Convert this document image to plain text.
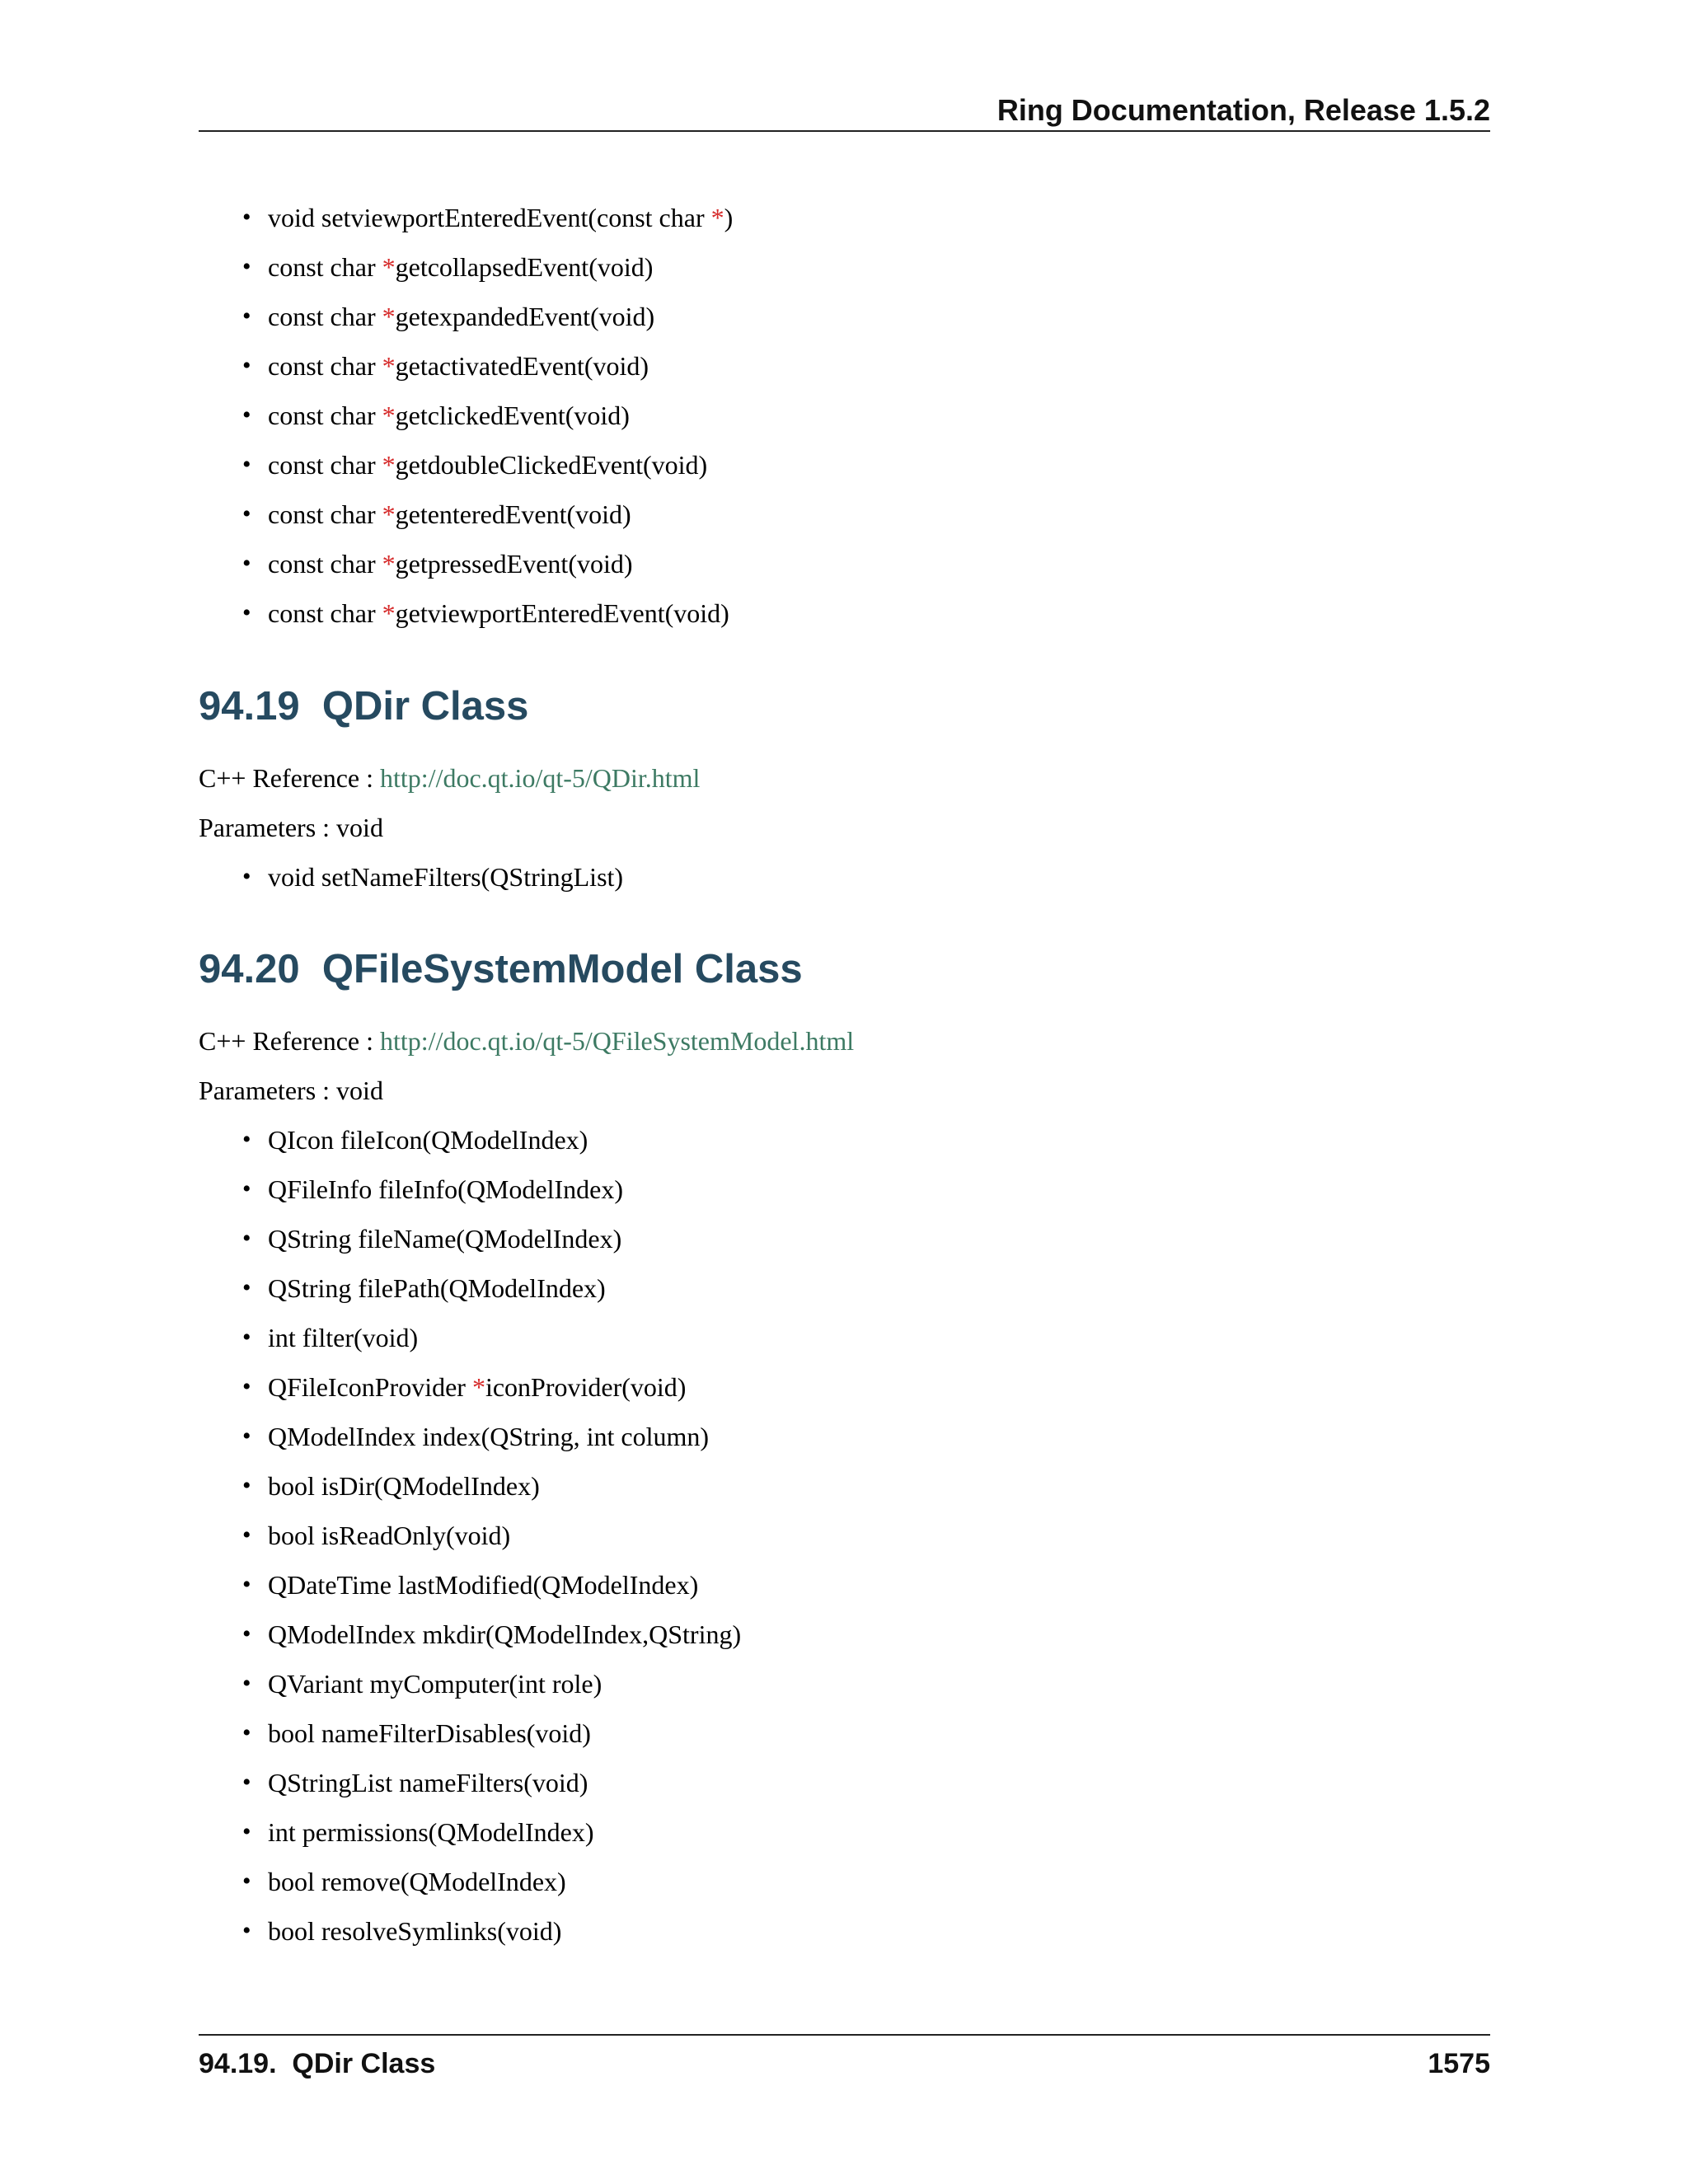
Ring Documentation, Release 1.5.2
• void setviewportEnteredEvent(const char *)
• const char *getcollapsedEvent(void)
• const char *getexpandedEvent(void)
• const char *getactivatedEvent(void)
• const char *getclickedEvent(void)
• const char *getdoubleClickedEvent(void)
• const char *getenteredEvent(void)
• const char *getpressedEvent(void)
• const char *getviewportEnteredEvent(void)
94.19  QDir Class

C++ Reference : http://doc.qt.io/qt-5/QDir.html

Parameters : void

• void setNameFilters(QStringList)
94.20  QFileSystemModel Class

C++ Reference : http://doc.qt.io/qt-5/QFileSystemModel.html

Parameters : void

• QIcon fileIcon(QModelIndex)
• QFileInfo fileInfo(QModelIndex)
• QString fileName(QModelIndex)
• QString filePath(QModelIndex)
• int filter(void)
• QFileIconProvider *iconProvider(void)
• QModelIndex index(QString, int column)
• bool isDir(QModelIndex)
• bool isReadOnly(void)
• QDateTime lastModified(QModelIndex)
• QModelIndex mkdir(QModelIndex,QString)
• QVariant myComputer(int role)
• bool nameFilterDisables(void)
• QStringList nameFilters(void)
• int permissions(QModelIndex)
• bool remove(QModelIndex)
• bool resolveSymlinks(void)
94.19.  QDir Class	1575
